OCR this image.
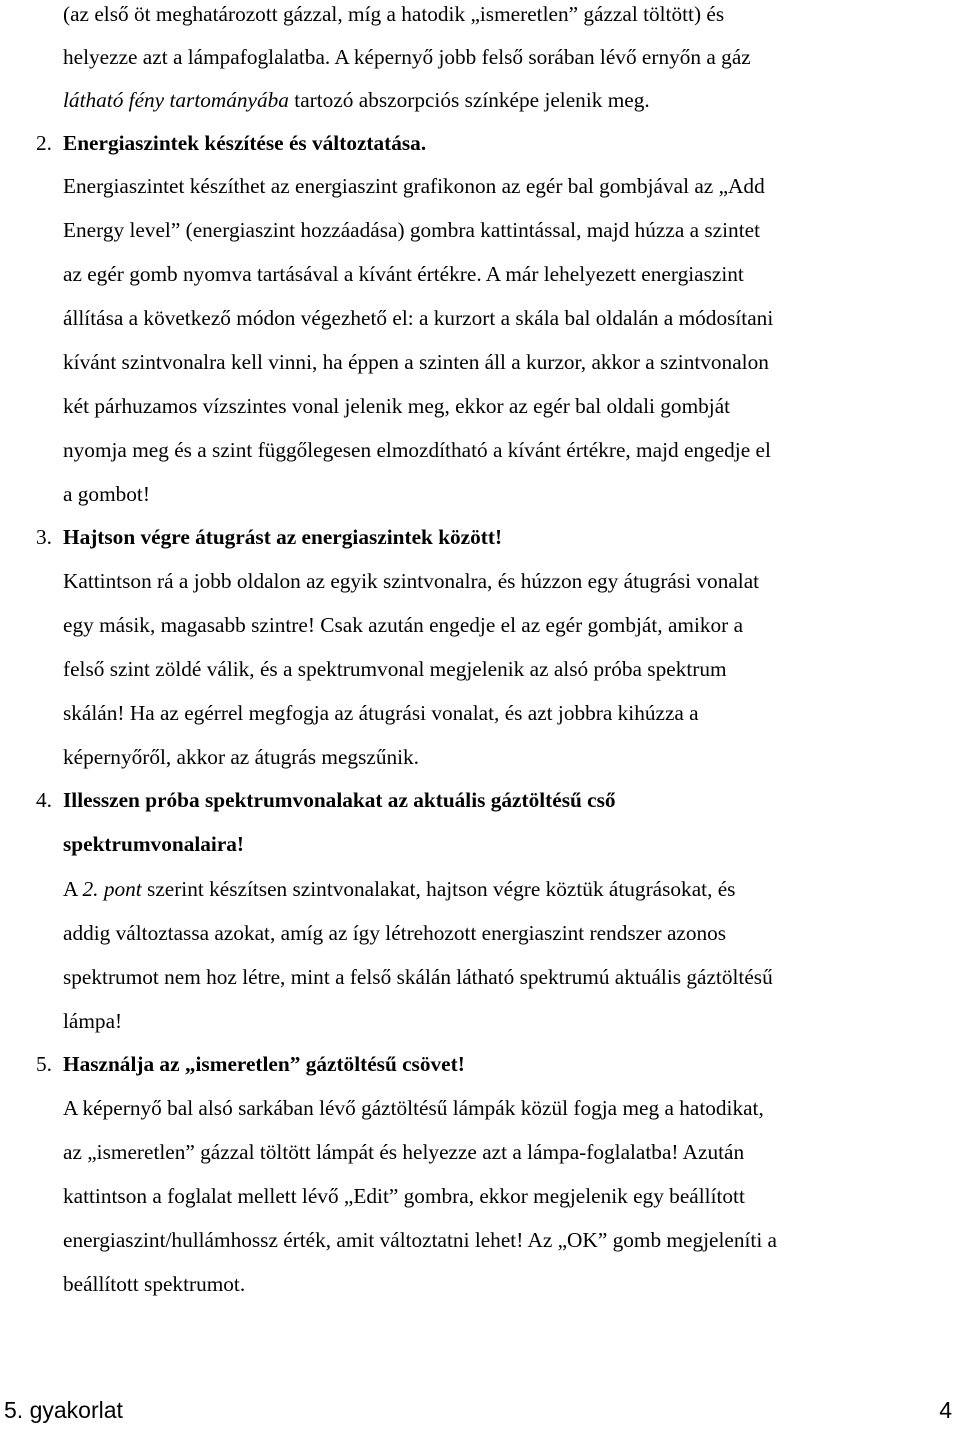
(az első öt meghatározott gázzal, míg a hatodik „ismeretlen” gázzal töltött) és
helyezze azt a lámpafoglalatba. A képernyő jobb felső sorában lévő ernyőn a gáz
látható fény tartományába tartozó abszorpciós színképe jelenik meg.
2. Energiaszintek készítése és változtatása.
Energiaszintet készíthet az energiaszint grafikonon az egér bal gombjával az „Add
Energy level” (energiaszint hozzáadása) gombra kattintással, majd húzza a szintet
az egér gomb nyomva tartásával a kívánt értékre. A már lehelyezett energiaszint
állítása a következő módon végezhető el: a kurzort a skála bal oldalán a módosítani
kívánt szintvonalra kell vinni, ha éppen a szinten áll a kurzor, akkor a szintvonalon
két párhuzamos vízszintes vonal jelenik meg, ekkor az egér bal oldali gombját
nyomja meg és a szint függőlegesen elmozdítható a kívánt értékre, majd engedje el
a gombot!
3. Hajtson végre átugrást az energiaszintek között!
Kattintson rá a jobb oldalon az egyik szintvonalra, és húzzon egy átugrási vonalat
egy másik, magasabb szintre! Csak azután engedje el az egér gombját, amikor a
felső szint zöldé válik, és a spektrumvonal megjelenik az alsó próba spektrum
skálán! Ha az egérrel megfogja az átugrási vonalat, és azt jobbra kihúzza a
képernyőről, akkor az átugrás megszűnik.
4. Illesszen próba spektrumvonalakat az aktuális gáztöltésű cső
spektrumvonalaira!
A 2. pont szerint készítsen szintvonalakat, hajtson végre köztük átugrásokat, és
addig változtassa azokat, amíg az így létrehozott energiaszint rendszer azonos
spektrumot nem hoz létre, mint a felső skálán látható spektrumú aktuális gáztöltésű
lámpa!
5. Használja az „ismeretlen” gáztöltésű csövet!
A képernyő bal alsó sarkában lévő gáztöltésű lámpák közül fogja meg a hatodikat,
az „ismeretlen” gázzal töltött lámpát és helyezze azt a lámpa-foglalatba! Azután
kattintson a foglalat mellett lévő „Edit” gombra, ekkor megjelenik egy beállított
energiaszint/hullámhossz érték, amit változtatni lehet! Az „OK” gomb megjeleníti a
beállított spektrumot.
5. gyakorlat	4
